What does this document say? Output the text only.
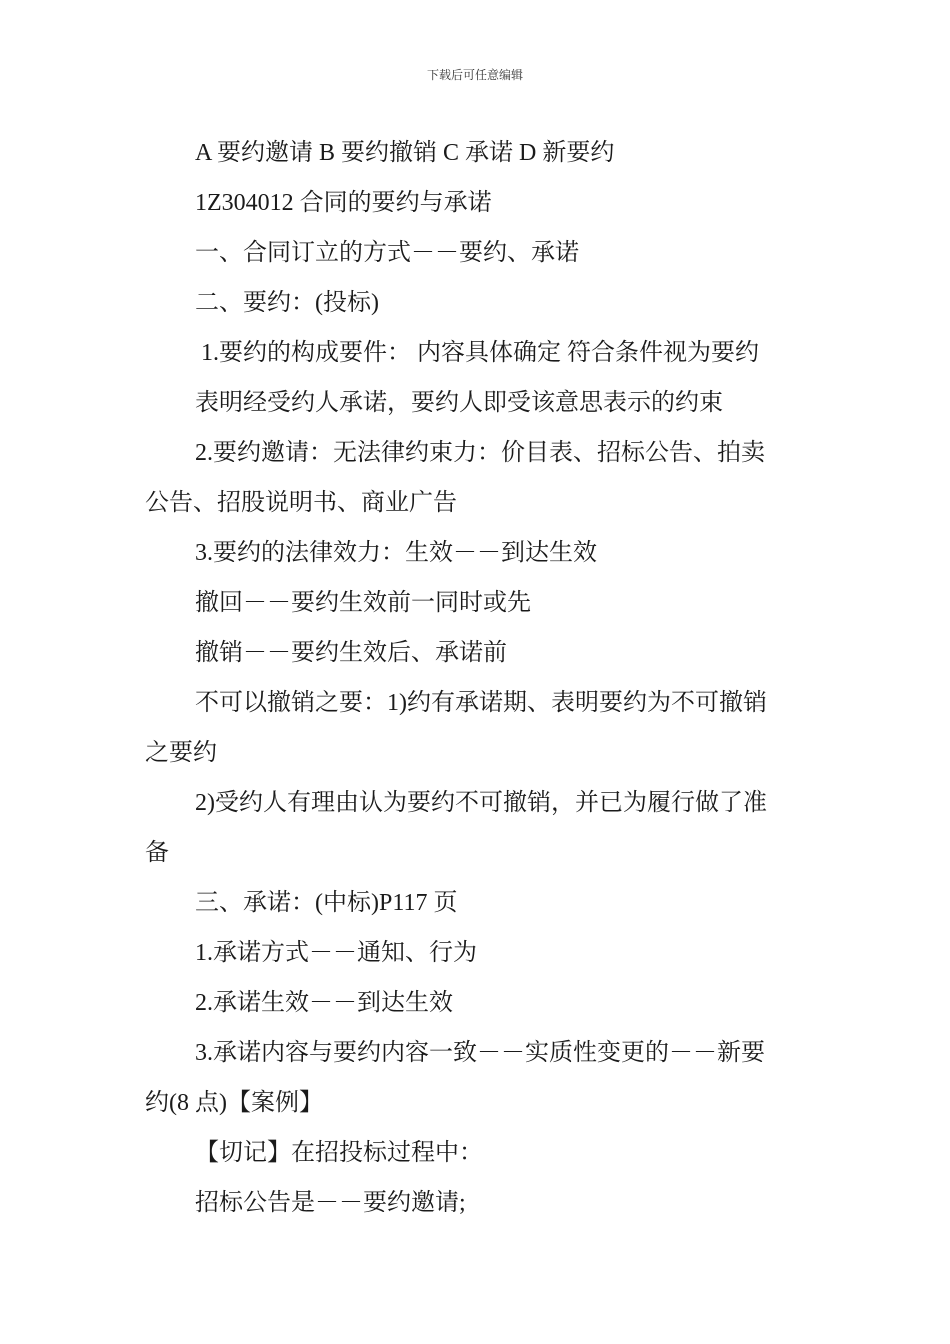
下载后可任意编辑

A 要约邀请 B 要约撤销 C 承诺 D 新要约

1Z304012 合同的要约与承诺

一、合同订立的方式－－要约、承诺

二、要约：(投标)

1.要约的构成要件： 内容具体确定 符合条件视为要约

表明经受约人承诺，要约人即受该意思表示的约束

2.要约邀请：无法律约束力：价目表、招标公告、拍卖

公告、招股说明书、商业广告

3.要约的法律效力：生效－－到达生效

撤回－－要约生效前一同时或先

撤销－－要约生效后、承诺前

不可以撤销之要：1)约有承诺期、表明要约为不可撤销

之要约

2)受约人有理由认为要约不可撤销，并已为履行做了准

备

三、承诺：(中标)P117 页

1.承诺方式－－通知、行为

2.承诺生效－－到达生效

3.承诺内容与要约内容一致－－实质性变更的－－新要

约(8 点)【案例】

【切记】在招投标过程中：

招标公告是－－要约邀请;
